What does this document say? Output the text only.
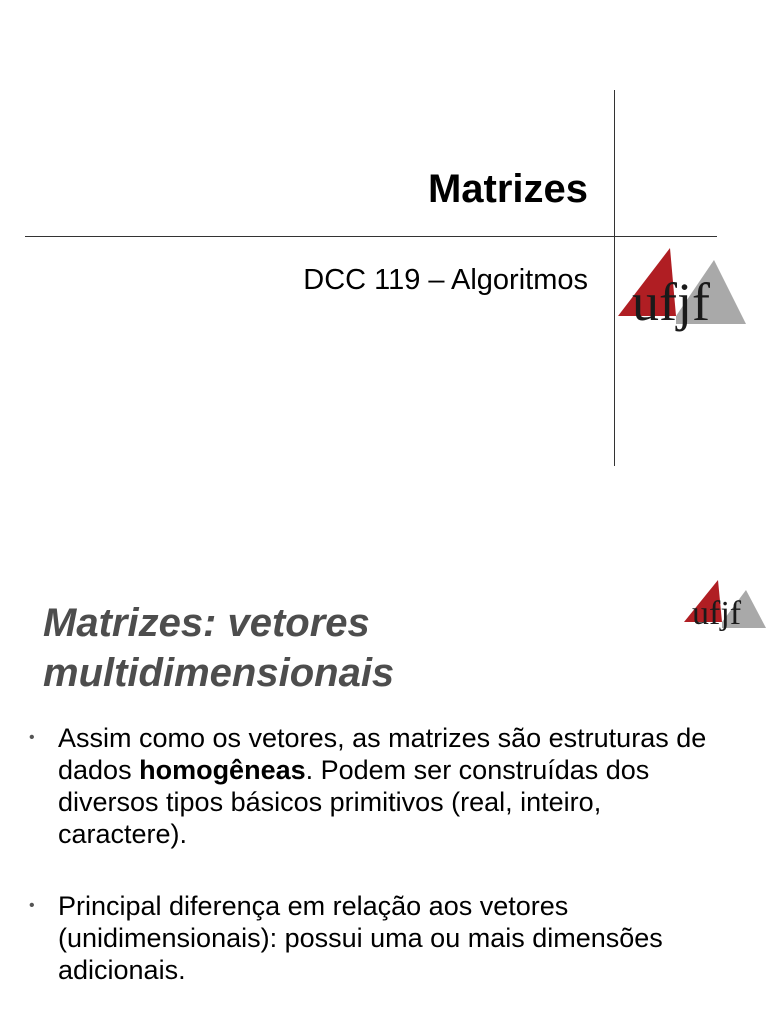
Matrizes
DCC 119 – Algoritmos ufjf
ufjf
Matrizes: vetores multidimensionais
• Assim como os vetores, as matrizes são estruturas de dados homogêneas. Podem ser construídas dos diversos tipos básicos primitivos (real, inteiro, caractere).
• Principal diferença em relação aos vetores (unidimensionais): possui uma ou mais dimensões adicionais.
